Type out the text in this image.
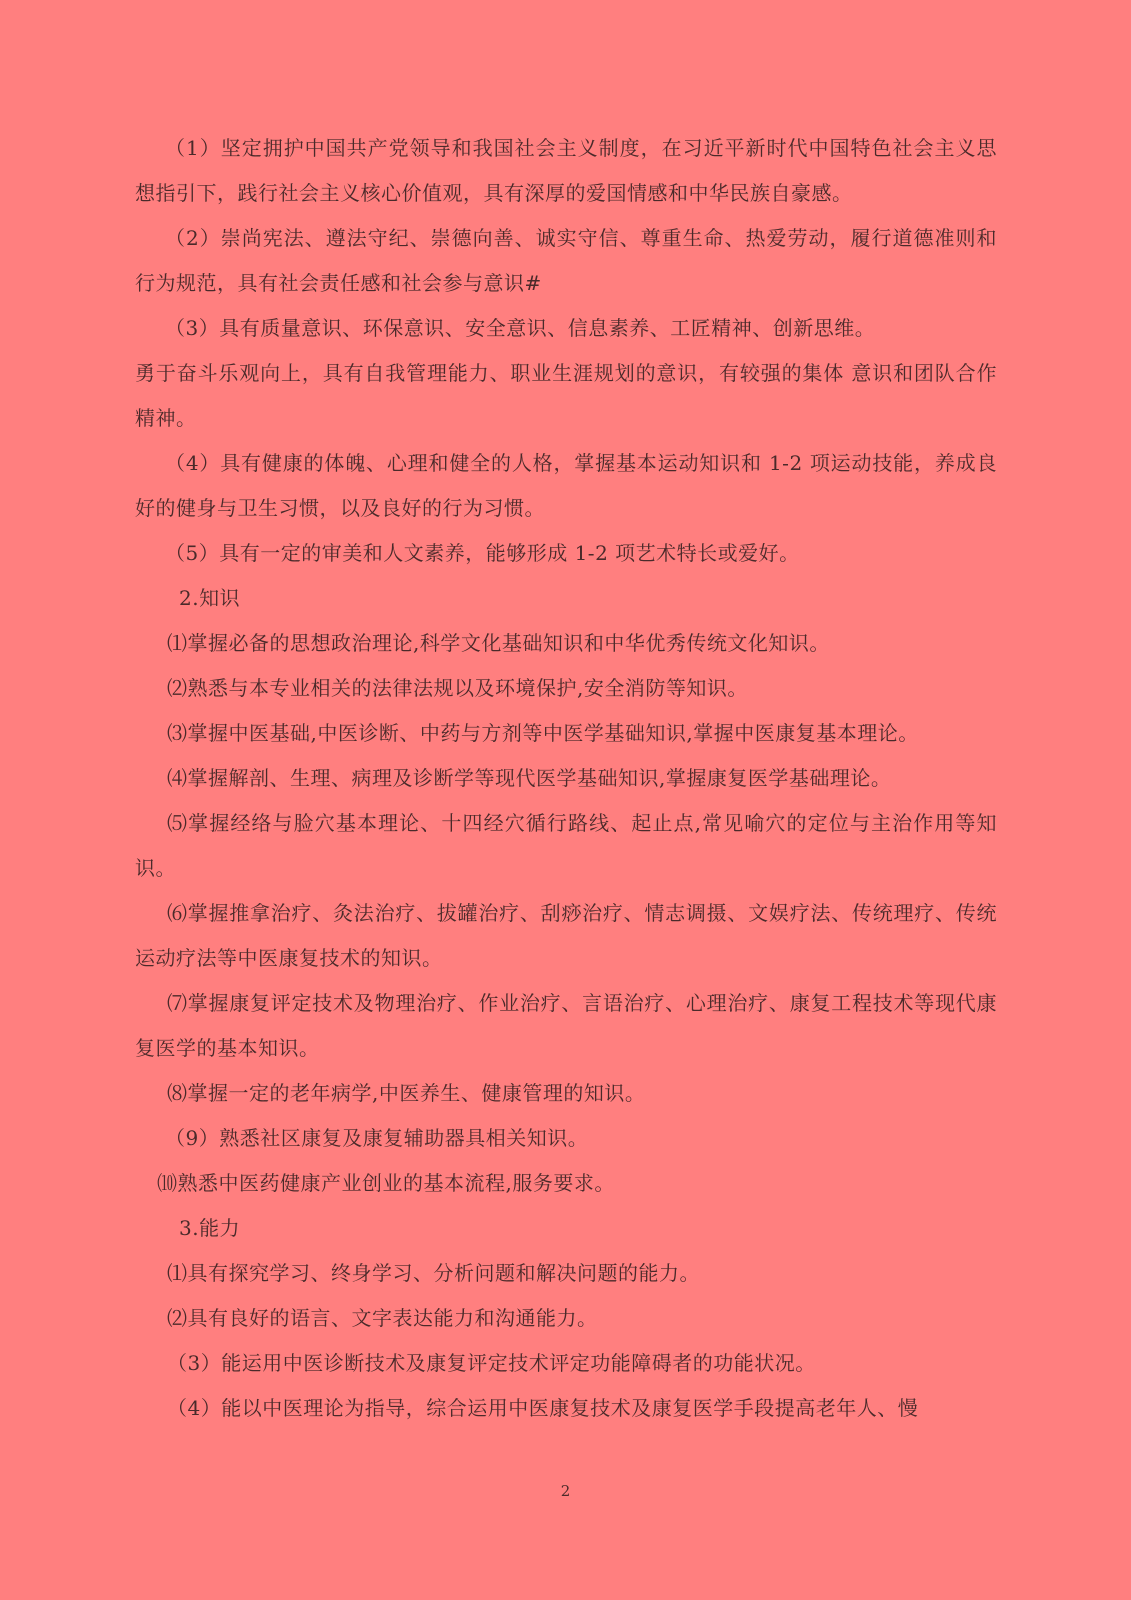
（1）坚定拥护中国共产党领导和我国社会主义制度，在习近平新时代中国特色社会主义思想指引下，践行社会主义核心价值观，具有深厚的爱国情感和中华民族自豪感。

（2）崇尚宪法、遵法守纪、崇德向善、诚实守信、尊重生命、热爱劳动，履行道德准则和行为规范，具有社会责任感和社会参与意识#

（3）具有质量意识、环保意识、安全意识、信息素养、工匠精神、创新思维。

勇于奋斗乐观向上，具有自我管理能力、职业生涯规划的意识，有较强的集体 意识和团队合作精神。

（4）具有健康的体魄、心理和健全的人格，掌握基本运动知识和 1-2 项运动技能，养成良好的健身与卫生习惯，以及良好的行为习惯。

（5）具有一定的审美和人文素养，能够形成 1-2 项艺术特长或爱好。

2.知识

⑴掌握必备的思想政治理论,科学文化基础知识和中华优秀传统文化知识。

⑵熟悉与本专业相关的法律法规以及环境保护,安全消防等知识。

⑶掌握中医基础,中医诊断、中药与方剂等中医学基础知识,掌握中医康复基本理论。

⑷掌握解剖、生理、病理及诊断学等现代医学基础知识,掌握康复医学基础理论。

⑸掌握经络与脸穴基本理论、十四经穴循行路线、起止点,常见喻穴的定位与主治作用等知识。

⑹掌握推拿治疗、灸法治疗、拔罐治疗、刮痧治疗、情志调摄、文娱疗法、传统理疗、传统运动疗法等中医康复技术的知识。

⑺掌握康复评定技术及物理治疗、作业治疗、言语治疗、心理治疗、康复工程技术等现代康复医学的基本知识。

⑻掌握一定的老年病学,中医养生、健康管理的知识。

（9）熟悉社区康复及康复辅助器具相关知识。

⑽熟悉中医药健康产业创业的基本流程,服务要求。

3.能力

⑴具有探究学习、终身学习、分析问题和解决问题的能力。

⑵具有良好的语言、文字表达能力和沟通能力。

（3）能运用中医诊断技术及康复评定技术评定功能障碍者的功能状况。

（4）能以中医理论为指导，综合运用中医康复技术及康复医学手段提高老年人、慢

2
